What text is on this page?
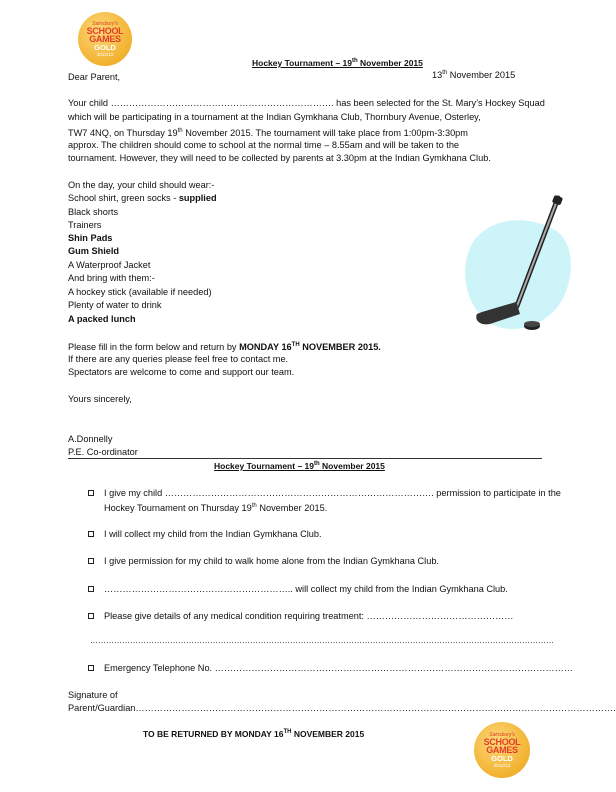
Sainsbury's
SCHOOL
GAMES
GOLD
2012/13
Hockey Tournament – 19th November 2015
Dear Parent,	13th November 2015
Your child ………………………………………………………………. has been selected for the St. Mary’s Hockey Squad
which will be participating in a tournament at the Indian Gymkhana Club, Thornbury Avenue, Osterley,
TW7 4NQ, on Thursday 19th November 2015. The tournament will take place from 1:00pm-3:30pm
approx. The children should come to school at the normal time – 8.55am and will be taken to the
tournament. However, they will need to be collected by parents at 3.30pm at the Indian Gymkhana Club.
On the day, your child should wear:-
School shirt, green socks - supplied
Black shorts
Trainers
Shin Pads
Gum Shield
A Waterproof Jacket
And bring with them:-
A hockey stick (available if needed)
Plenty of water to drink
A packed lunch
Please fill in the form below and return by MONDAY 16TH NOVEMBER 2015.
If there are any queries please feel free to contact me.
Spectators are welcome to come and support our team.
Yours sincerely,
A.Donnelly
P.E. Co-ordinator
Hockey Tournament – 19th November 2015
I give my child ……………………………………………………………………………. permission to participate in the
Hockey Tournament on Thursday 19th November 2015.
I will collect my child from the Indian Gymkhana Club.
I give permission for my child to walk home alone from the Indian Gymkhana Club.
…………………………………………………….. will collect my child from the Indian Gymkhana Club.
Please give details of any medical condition requiring treatment: …………………………………………
…………………………………………………………………………………………………………………………………………………………
Emergency Telephone No. ………………………………………………………………………………………………………
Signature of
Parent/Guardian………………………………………………………………………………………………………………………………………….
TO BE RETURNED BY MONDAY 16TH NOVEMBER 2015	Sainsbury's
SCHOOL
GAMES
GOLD
2012/13
